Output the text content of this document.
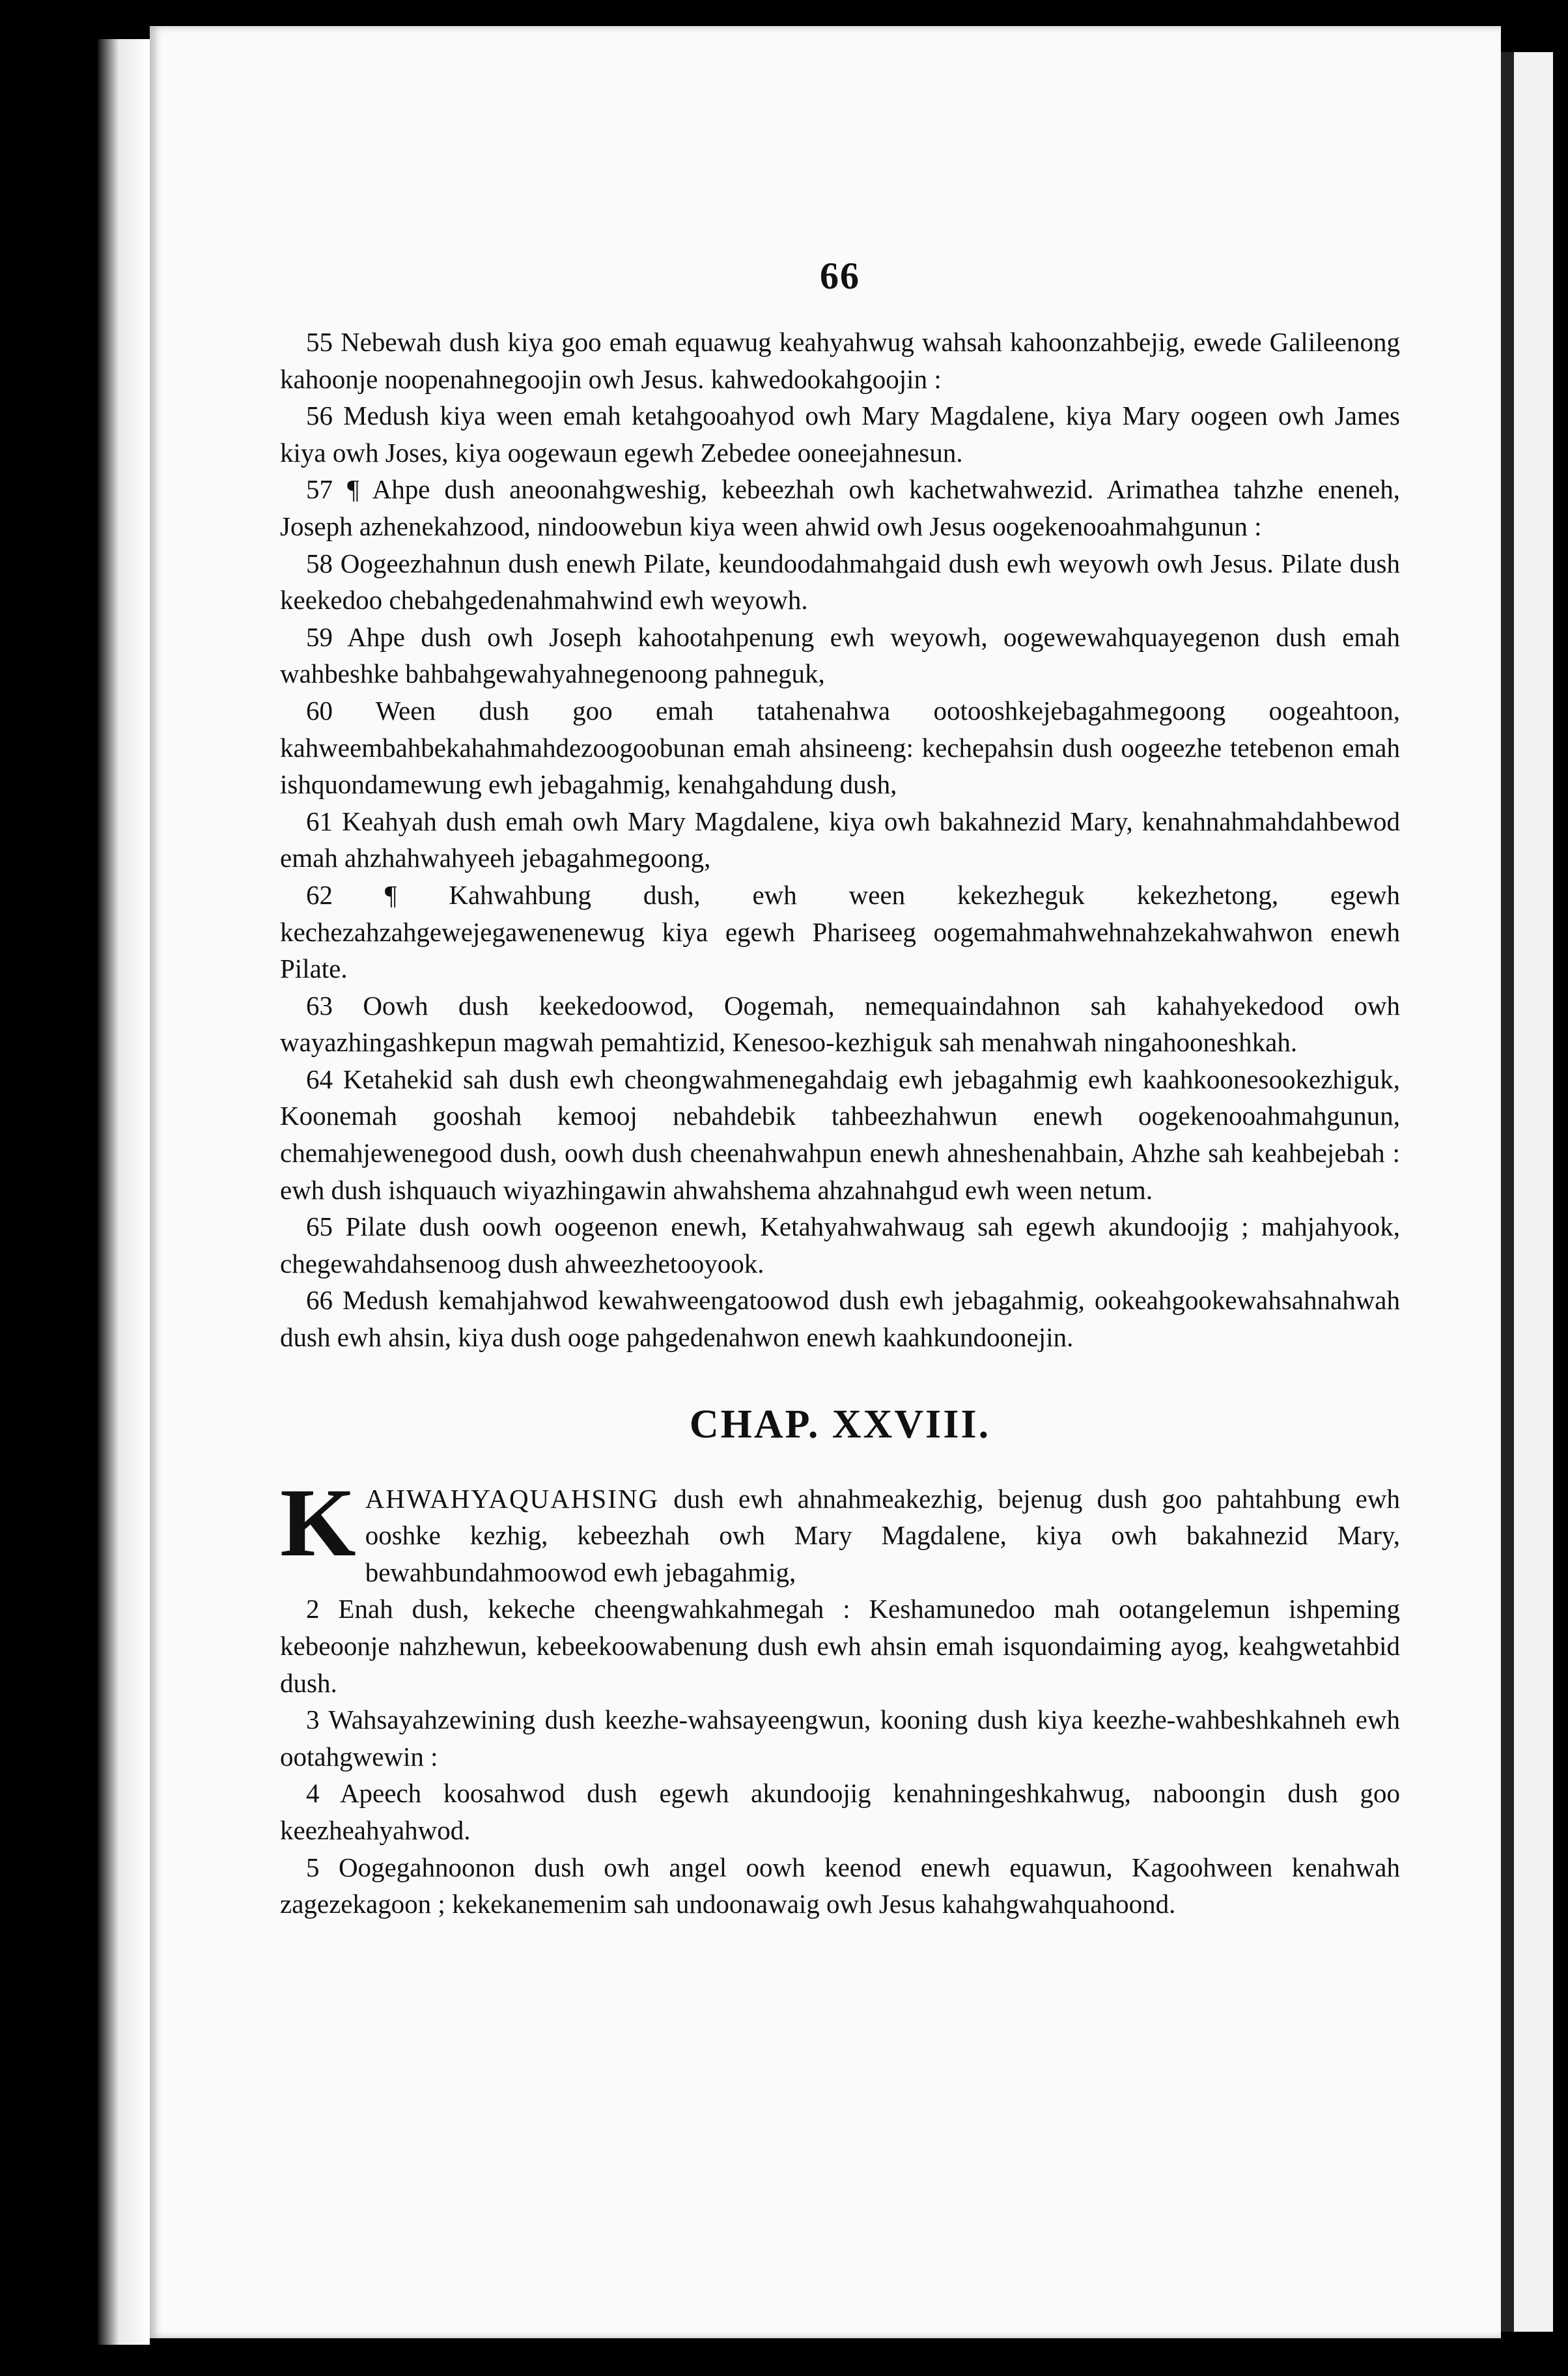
66

55 Nebewah dush kiya goo emah equawug keahyahwug wahsah kahoonzahbejig, ewede Galileenong kahoonje noopenahnegoojin owh Jesus. kahwedookahgoojin :

56 Medush kiya ween emah ketahgooahyod owh Mary Magdalene, kiya Mary oogeen owh James kiya owh Joses, kiya oogewaun egewh Zebedee ooneejahnesun.

57 ¶ Ahpe dush aneoonahgweshig, kebeezhah owh kachetwahwezid. Arimathea tahzhe eneneh, Joseph azhenekahzood, nindoowebun kiya ween ahwid owh Jesus oogekenooahmahgunun :

58 Oogeezhahnun dush enewh Pilate, keundoodahmahgaid dush ewh weyowh owh Jesus. Pilate dush keekedoo chebahgedenahmahwind ewh weyowh.

59 Ahpe dush owh Joseph kahootahpenung ewh weyowh, oogewewahquayegenon dush emah wahbeshke bahbahgewahyahnegenoong pahneguk,

60 Ween dush goo emah tatahenahwa ootooshkejebagahmegoong oogeahtoon, kahweembahbekahahmahdezoogoobunan emah ahsineeng: kechepahsin dush oogeezhe tetebenon emah ishquondamewung ewh jebagahmig, kenahgahdung dush,

61 Keahyah dush emah owh Mary Magdalene, kiya owh bakahnezid Mary, kenahnahmahdahbewod emah ahzhahwahyeeh jebagahmegoong,

62 ¶ Kahwahbung dush, ewh ween kekezheguk kekezhetong, egewh kechezahzahgewejegawenenewug kiya egewh Phariseeg oogemahmahwehnahzekahwahwon enewh Pilate.

63 Oowh dush keekedoowod, Oogemah, nemequaindahnon sah kahahyekedood owh wayazhingashkepun magwah pemahtizid, Kenesoo-kezhiguk sah menahwah ningahooneshkah.

64 Ketahekid sah dush ewh cheongwahmenegahdaig ewh jebagahmig ewh kaahkoonesookezhiguk, Koonemah gooshah kemooj nebahdebik tahbeezhahwun enewh oogekenooahmahgunun, chemahjewenegood dush, oowh dush cheenahwahpun enewh ahneshenahbain, Ahzhe sah keahbejebah : ewh dush ishquauch wiyazhingawin ahwahshema ahzahnahgud ewh ween netum.

65 Pilate dush oowh oogeenon enewh, Ketahyahwahwaug sah egewh akundoojig ; mahjahyook, chegewahdahsenoog dush ahweezhetooyook.

66 Medush kemahjahwod kewahweengatoowod dush ewh jebagahmig, ookeahgookewahsahnahwah dush ewh ahsin, kiya dush ooge pahgedenahwon enewh kaahkundoonejin.

CHAP. XXVIII.

KAHWAHYAQUAHSING dush ewh ahnahmeakezhig, bejenug dush goo pahtahbung ewh ooshke kezhig, kebeezhah owh Mary Magdalene, kiya owh bakahnezid Mary, bewahbundahmoowod ewh jebagahmig,

2 Enah dush, kekeche cheengwahkahmegah : Keshamunedoo mah ootangelemun ishpeming kebeoonje nahzhewun, kebeekoowabenung dush ewh ahsin emah isquondaiming ayog, keahgwetahbid dush.

3 Wahsayahzewining dush keezhe-wahsayeengwun, kooning dush kiya keezhe-wahbeshkahneh ewh ootahgwewin :

4 Apeech koosahwod dush egewh akundoojig kenahningeshkahwug, naboongin dush goo keezheahyahwod.

5 Oogegahnoonon dush owh angel oowh keenod enewh equawun, Kagoohween kenahwah zagezekagoon ; kekekanemenim sah undoonawaig owh Jesus kahahgwahquahoond.
